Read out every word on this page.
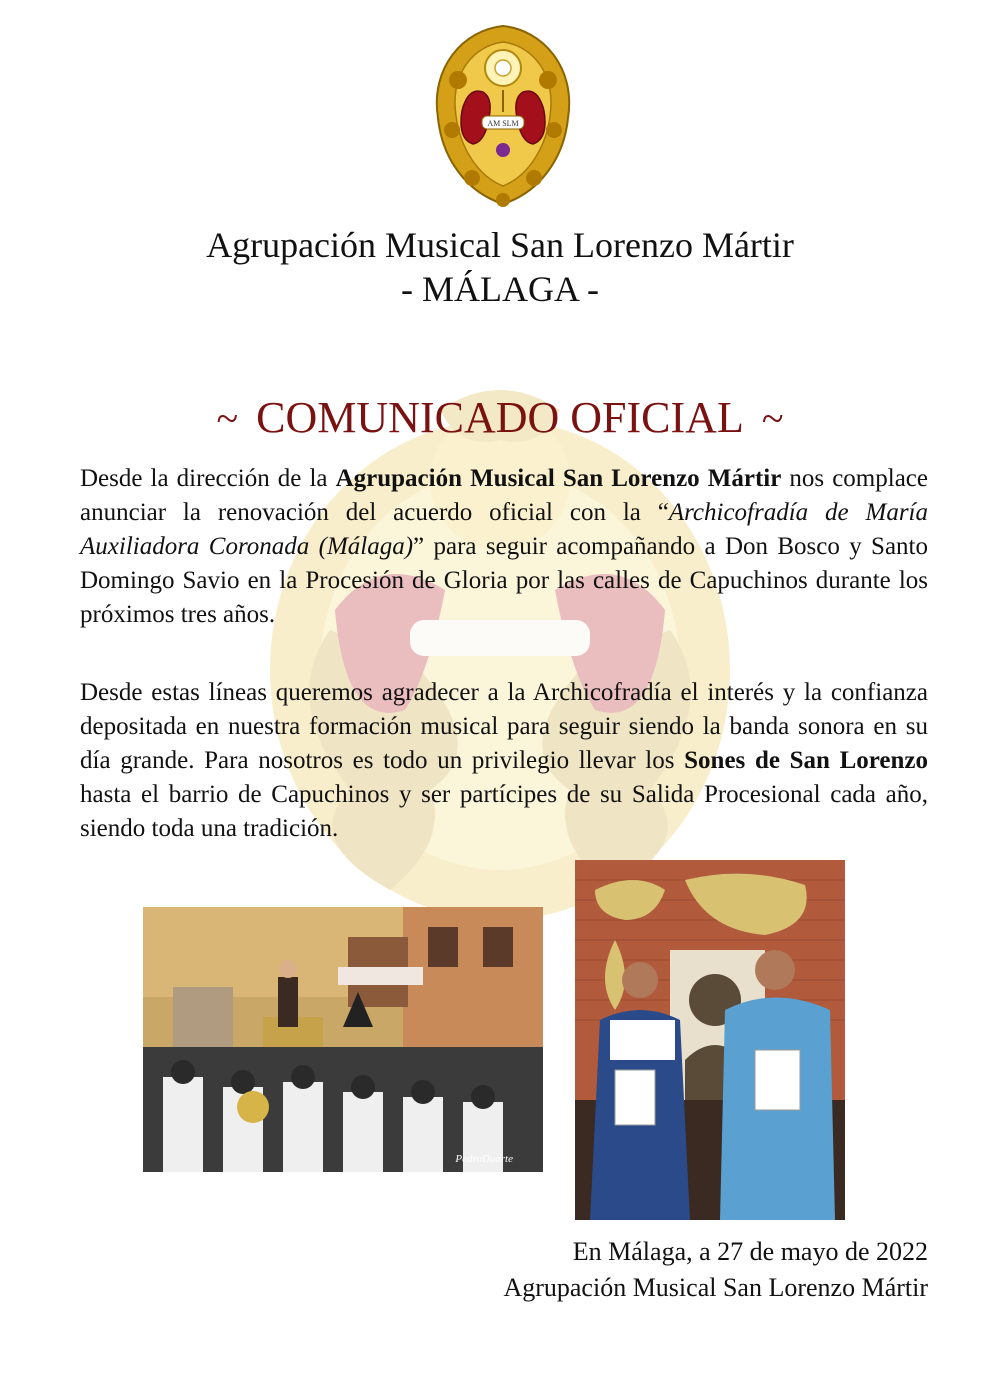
AM SLM
Agrupación Musical San Lorenzo Mártir
- MÁLAGA -
~ COMUNICADO OFICIAL ~

Desde la dirección de la Agrupación Musical San Lorenzo Mártir nos complace anunciar la renovación del acuerdo oficial con la “Archicofradía de María Auxiliadora Coronada (Málaga)” para seguir acompañando a Don Bosco y Santo Domingo Savio en la Procesión de Gloria por las calles de Capuchinos durante los próximos tres años.

Desde estas líneas queremos agradecer a la Archicofradía el interés y la confianza depositada en nuestra formación musical para seguir siendo la banda sonora en su día grande. Para nosotros es todo un privilegio llevar los Sones de San Lorenzo hasta el barrio de Capuchinos y ser partícipes de su Salida Procesional cada año, siendo toda una tradición.

PedroDuarte
En Málaga, a 27 de mayo de 2022
Agrupación Musical San Lorenzo Mártir
